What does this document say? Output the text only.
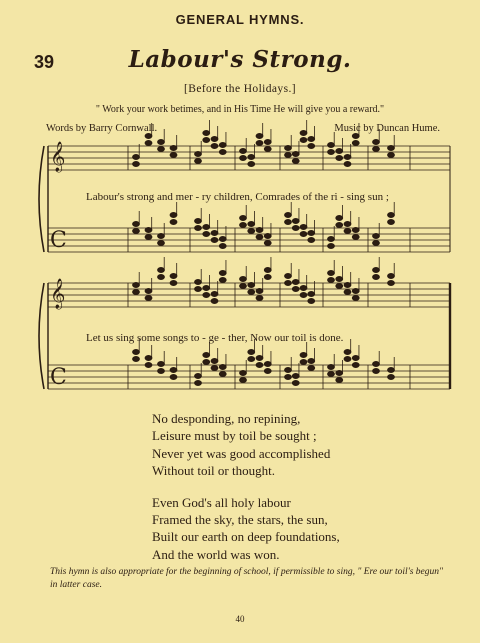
GENERAL HYMNS.
39	Labour's Strong.
[Before the Holidays.]
" Work your work betimes, and in His Time He will give you a reward."
Words by Barry Cornwall.	Music by Duncan Hume.
𝄞
C
𝄞
C
Labour's strong and mer - ry children, Comrades of the ri - sing sun ;
Let us sing some songs to - ge - ther, Now our toil is done.
No desponding, no repining,
Leisure must by toil be sought ;
Never yet was good accomplished
Without toil or thought.
Even God's all holy labour
Framed the sky, the stars, the sun,
Built our earth on deep foundations,
And the world was won.
This hymn is also appropriate for the beginning of school, if permissible to sing, " Ere our toil's begun" in latter case.
40
